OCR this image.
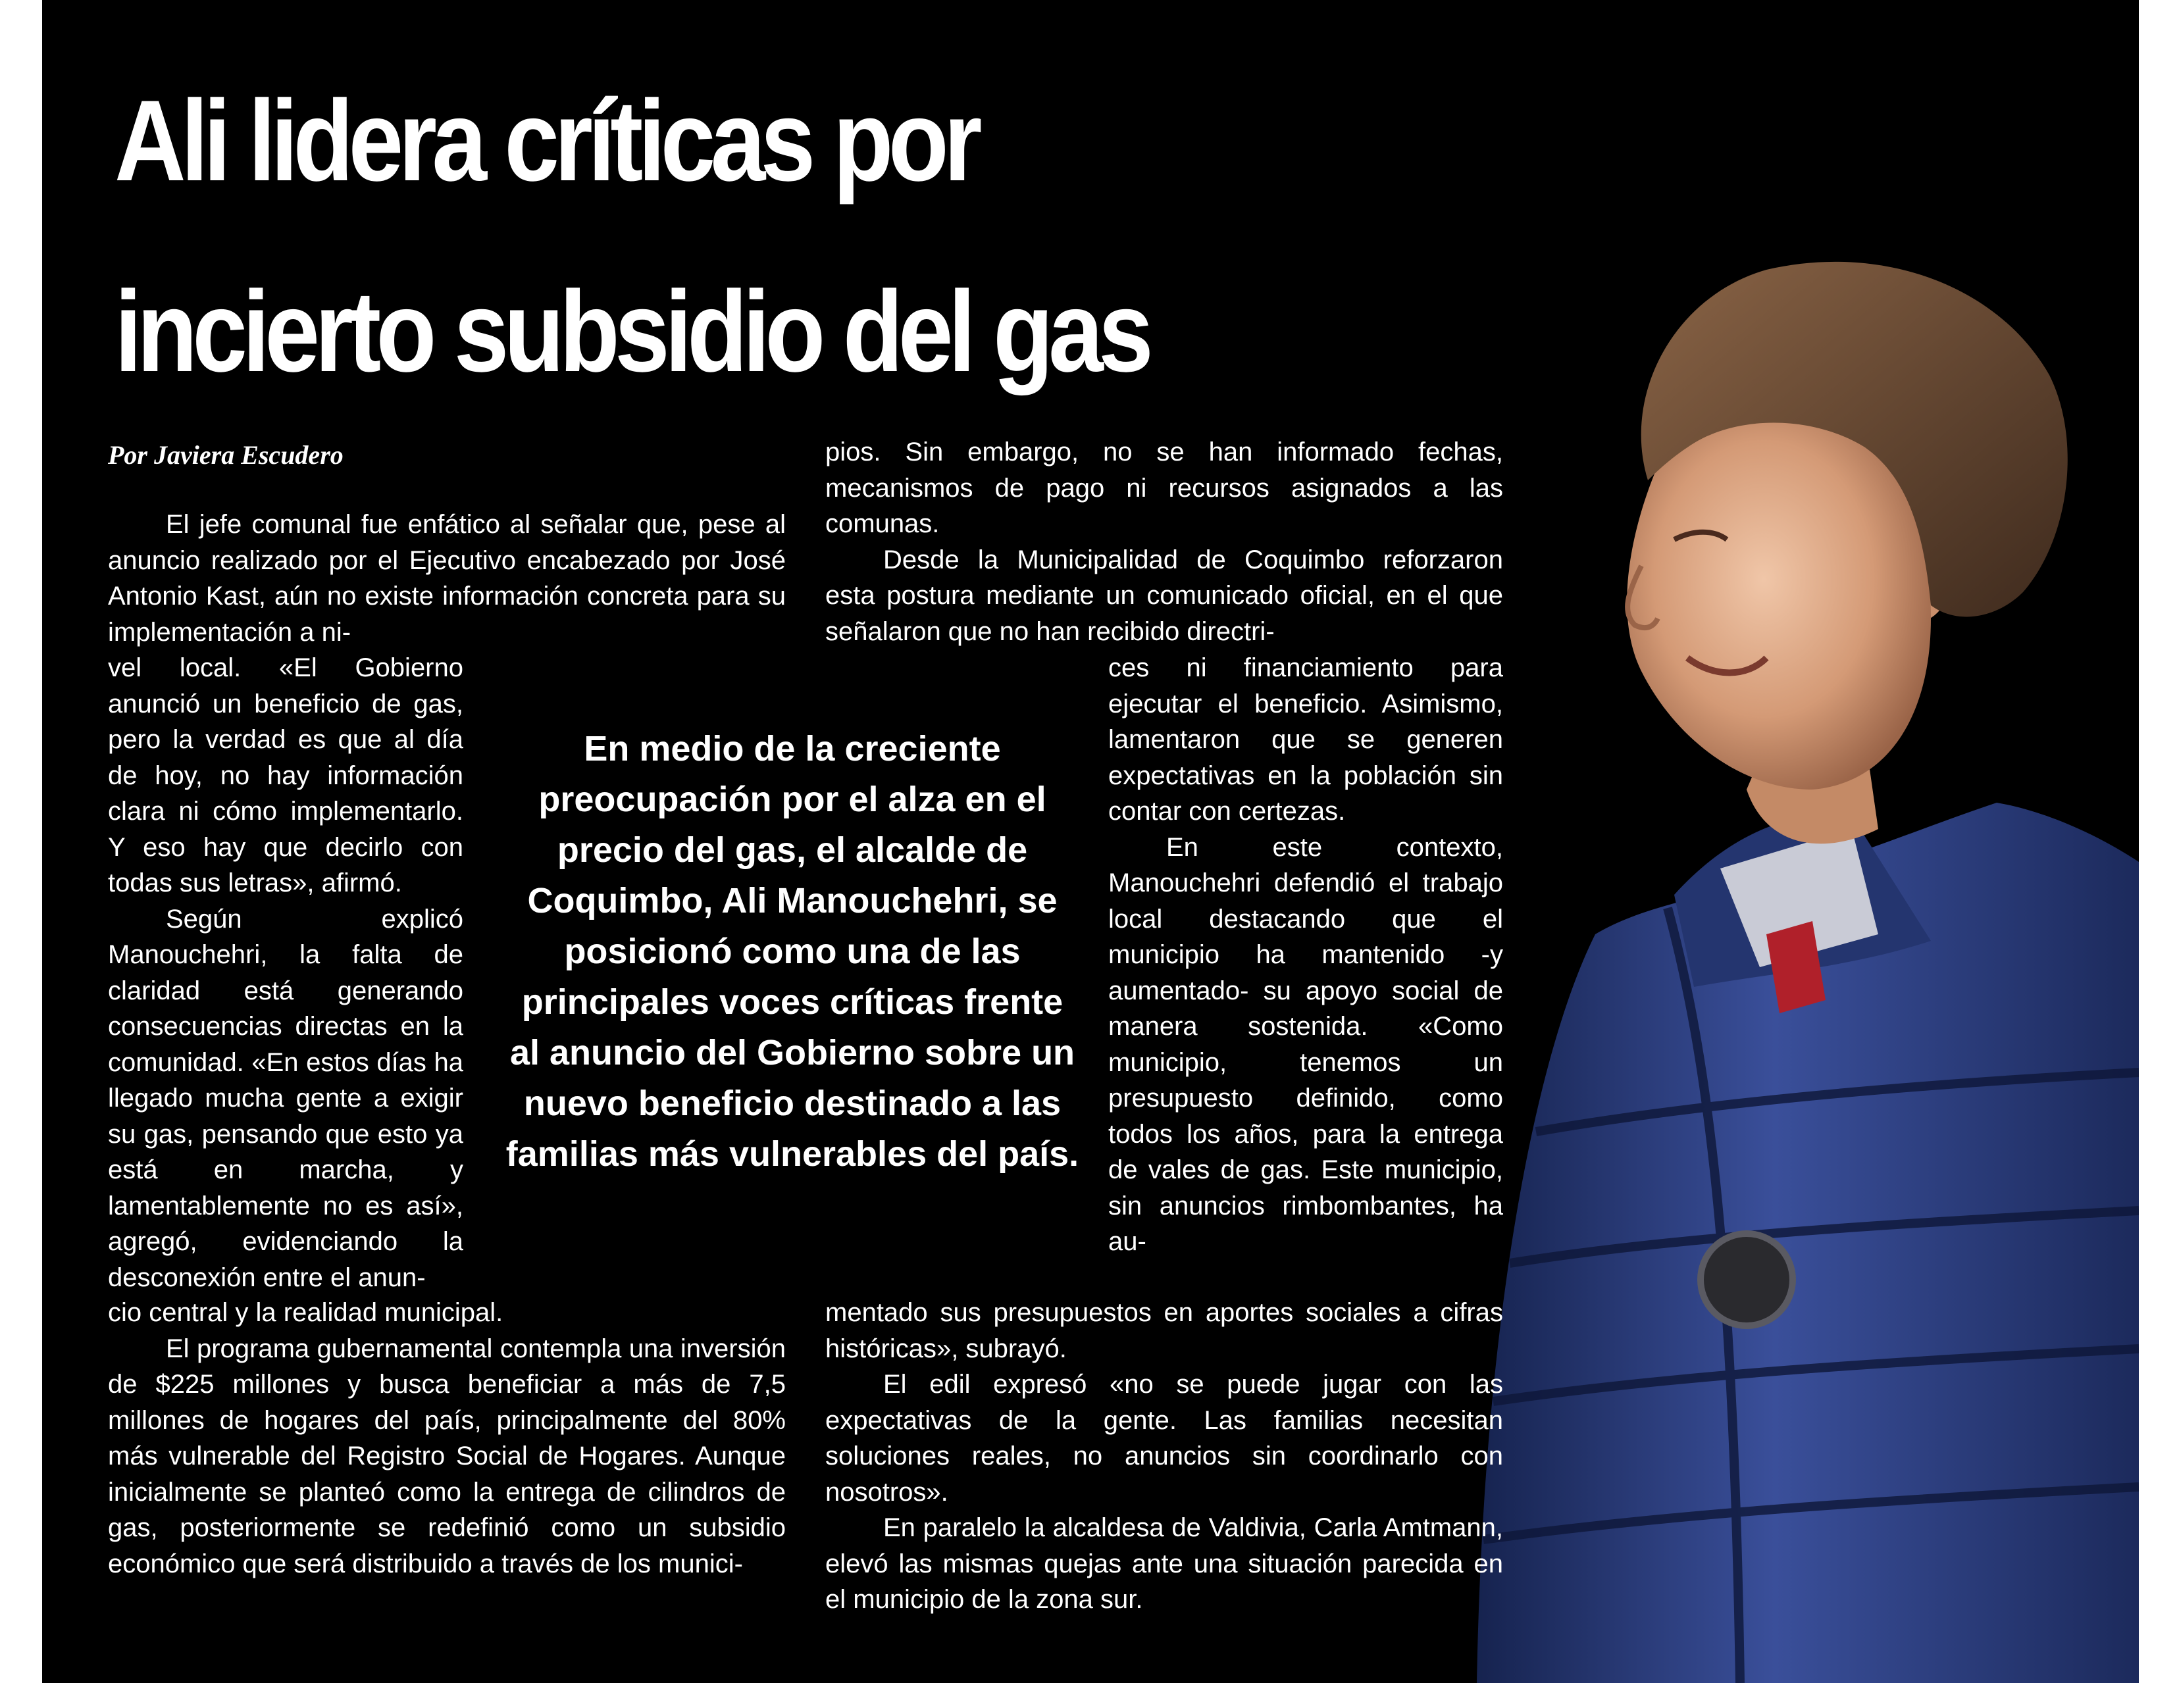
Ali lidera críticas por
incierto subsidio del gas
Por Javiera Escudero

El jefe comunal fue enfático al señalar que, pese al anuncio realizado por el Ejecutivo encabezado por José Antonio Kast, aún no existe información concreta para su implementación a ni-

vel local. «El Gobierno anunció un beneficio de gas, pero la verdad es que al día de hoy, no hay información clara ni cómo implementarlo. Y eso hay que decirlo con todas sus letras», afirmó.

Según explicó Manouchehri, la falta de claridad está generando consecuencias directas en la comunidad. «En estos días ha llegado mucha gente a exigir su gas, pensando que esto ya está en marcha, y lamentablemente no es así», agregó, evidenciando la desconexión entre el anun-

cio central y la realidad municipal.

El programa gubernamental contempla una inversión de $225 millones y busca beneficiar a más de 7,5 millones de hogares del país, principalmente del 80% más vulnerable del Registro Social de Hogares. Aunque inicialmente se planteó como la entrega de cilindros de gas, posteriormente se redefinió como un subsidio económico que será distribuido a través de los munici-

En medio de la creciente preocupación por el alza en el precio del gas, el alcalde de Coquimbo, Ali Manouchehri, se posicionó como una de las principales voces críticas frente al anuncio del Gobierno sobre un nuevo beneficio destinado a las familias más vulnerables del país.

pios. Sin embargo, no se han informado fechas, mecanismos de pago ni recursos asignados a las comunas.

Desde la Municipalidad de Coquimbo reforzaron esta postura mediante un comunicado oficial, en el que señalaron que no han recibido directri-

ces ni financiamiento para ejecutar el beneficio. Asimismo, lamentaron que se generen expectativas en la población sin contar con certezas.

En este contexto, Manouchehri defendió el trabajo local destacando que el municipio ha mantenido -y aumentado- su apoyo social de manera sostenida. «Como municipio, tenemos un presupuesto definido, como todos los años, para la entrega de vales de gas. Este municipio, sin anuncios rimbombantes, ha au-

mentado sus presupuestos en aportes sociales a cifras históricas», subrayó.

El edil expresó «no se puede jugar con las expectativas de la gente. Las familias necesitan soluciones reales, no anuncios sin coordinarlo con nosotros».

En paralelo la alcaldesa de Valdivia, Carla Amtmann, elevó las mismas quejas ante una situación parecida en el municipio de la zona sur.
